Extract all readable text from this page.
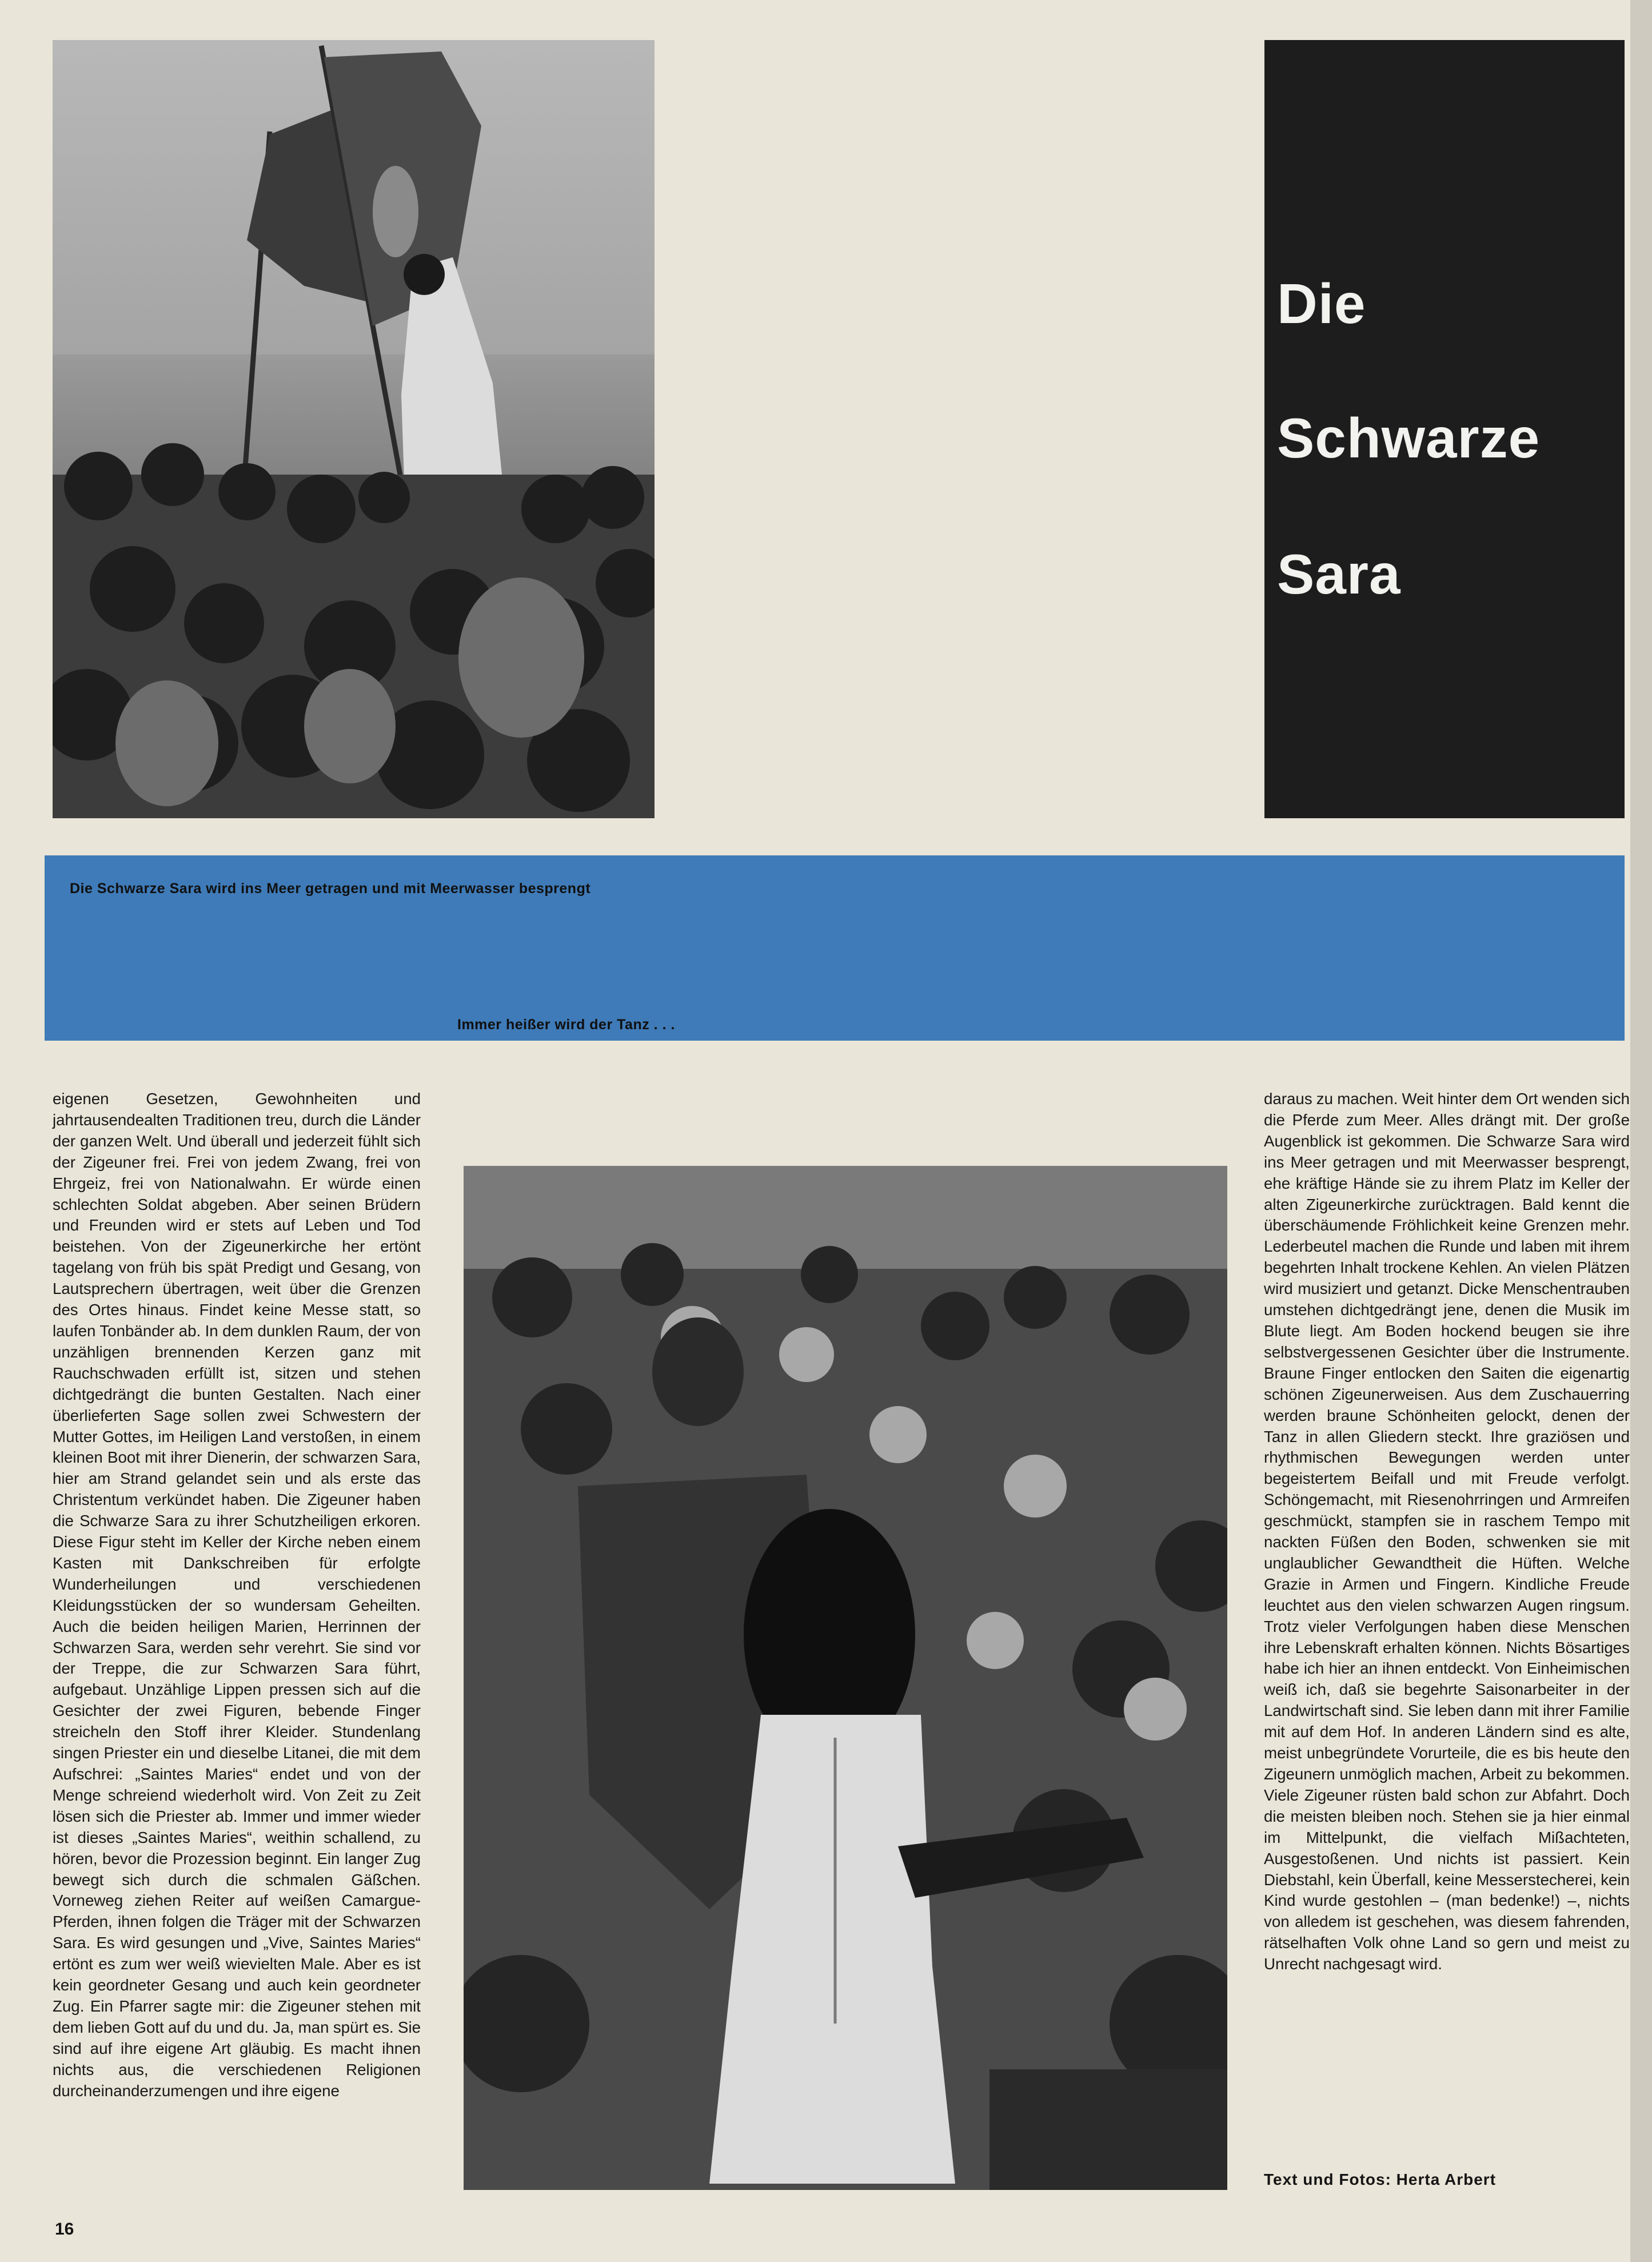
Die
Schwarze
Sara
Die Schwarze Sara wird ins Meer getragen und mit Meerwasser besprengt
Immer heißer wird der Tanz . . .
eigenen Gesetzen, Gewohnheiten und jahrtausendealten Traditionen treu, durch die Länder der ganzen Welt. Und überall und jederzeit fühlt sich der Zigeuner frei. Frei von jedem Zwang, frei von Ehrgeiz, frei von Nationalwahn. Er würde einen schlechten Soldat abgeben. Aber seinen Brüdern und Freunden wird er stets auf Leben und Tod beistehen. Von der Zigeunerkirche her ertönt tagelang von früh bis spät Predigt und Gesang, von Lautsprechern übertragen, weit über die Grenzen des Ortes hinaus. Findet keine Messe statt, so laufen Tonbänder ab. In dem dunklen Raum, der von unzähligen brennenden Kerzen ganz mit Rauchschwaden erfüllt ist, sitzen und stehen dichtgedrängt die bunten Gestalten. Nach einer überlieferten Sage sollen zwei Schwestern der Mutter Gottes, im Heiligen Land verstoßen, in einem kleinen Boot mit ihrer Dienerin, der schwarzen Sara, hier am Strand gelandet sein und als erste das Christentum verkündet haben. Die Zigeuner haben die Schwarze Sara zu ihrer Schutzheiligen erkoren. Diese Figur steht im Keller der Kirche neben einem Kasten mit Dankschreiben für erfolgte Wunderheilungen und verschiedenen Kleidungsstücken der so wundersam Geheilten. Auch die beiden heiligen Marien, Herrinnen der Schwarzen Sara, werden sehr verehrt. Sie sind vor der Treppe, die zur Schwarzen Sara führt, aufgebaut. Unzählige Lippen pressen sich auf die Gesichter der zwei Figuren, bebende Finger streicheln den Stoff ihrer Kleider. Stundenlang singen Priester ein und dieselbe Litanei, die mit dem Aufschrei: „Saintes Maries“ endet und von der Menge schreiend wiederholt wird. Von Zeit zu Zeit lösen sich die Priester ab. Immer und immer wieder ist dieses „Saintes Maries“, weithin schallend, zu hören, bevor die Prozession beginnt. Ein langer Zug bewegt sich durch die schmalen Gäßchen. Vorneweg ziehen Reiter auf weißen Camargue-Pferden, ihnen folgen die Träger mit der Schwarzen Sara. Es wird gesungen und „Vive, Saintes Maries“ ertönt es zum wer weiß wievielten Male. Aber es ist kein geordneter Gesang und auch kein geordneter Zug. Ein Pfarrer sagte mir: die Zigeuner stehen mit dem lieben Gott auf du und du. Ja, man spürt es. Sie sind auf ihre eigene Art gläubig. Es macht ihnen nichts aus, die verschiedenen Religionen durcheinanderzumengen und ihre eigene
daraus zu machen. Weit hinter dem Ort wenden sich die Pferde zum Meer. Alles drängt mit. Der große Augenblick ist gekommen. Die Schwarze Sara wird ins Meer getragen und mit Meerwasser besprengt, ehe kräftige Hände sie zu ihrem Platz im Keller der alten Zigeunerkirche zurücktragen. Bald kennt die überschäumende Fröhlichkeit keine Grenzen mehr. Lederbeutel machen die Runde und laben mit ihrem begehrten Inhalt trockene Kehlen. An vielen Plätzen wird musiziert und getanzt. Dicke Menschentrauben umstehen dichtgedrängt jene, denen die Musik im Blute liegt. Am Boden hockend beugen sie ihre selbstvergessenen Gesichter über die Instrumente. Braune Finger entlocken den Saiten die eigenartig schönen Zigeunerweisen. Aus dem Zuschauerring werden braune Schönheiten gelockt, denen der Tanz in allen Gliedern steckt. Ihre graziösen und rhythmischen Bewegungen werden unter begeistertem Beifall und mit Freude verfolgt. Schöngemacht, mit Riesenohrringen und Armreifen geschmückt, stampfen sie in raschem Tempo mit nackten Füßen den Boden, schwenken sie mit unglaublicher Gewandtheit die Hüften. Welche Grazie in Armen und Fingern. Kindliche Freude leuchtet aus den vielen schwarzen Augen ringsum. Trotz vieler Verfolgungen haben diese Menschen ihre Lebenskraft erhalten können. Nichts Bösartiges habe ich hier an ihnen entdeckt. Von Einheimischen weiß ich, daß sie begehrte Saisonarbeiter in der Landwirtschaft sind. Sie leben dann mit ihrer Familie mit auf dem Hof. In anderen Ländern sind es alte, meist unbegründete Vorurteile, die es bis heute den Zigeunern unmöglich machen, Arbeit zu bekommen. Viele Zigeuner rüsten bald schon zur Abfahrt. Doch die meisten bleiben noch. Stehen sie ja hier einmal im Mittelpunkt, die vielfach Mißachteten, Ausgestoßenen. Und nichts ist passiert. Kein Diebstahl, kein Überfall, keine Messerstecherei, kein Kind wurde gestohlen – (man bedenke!) –, nichts von alledem ist geschehen, was diesem fahrenden, rätselhaften Volk ohne Land so gern und meist zu Unrecht nachgesagt wird.
Text und Fotos: Herta Arbert
16
